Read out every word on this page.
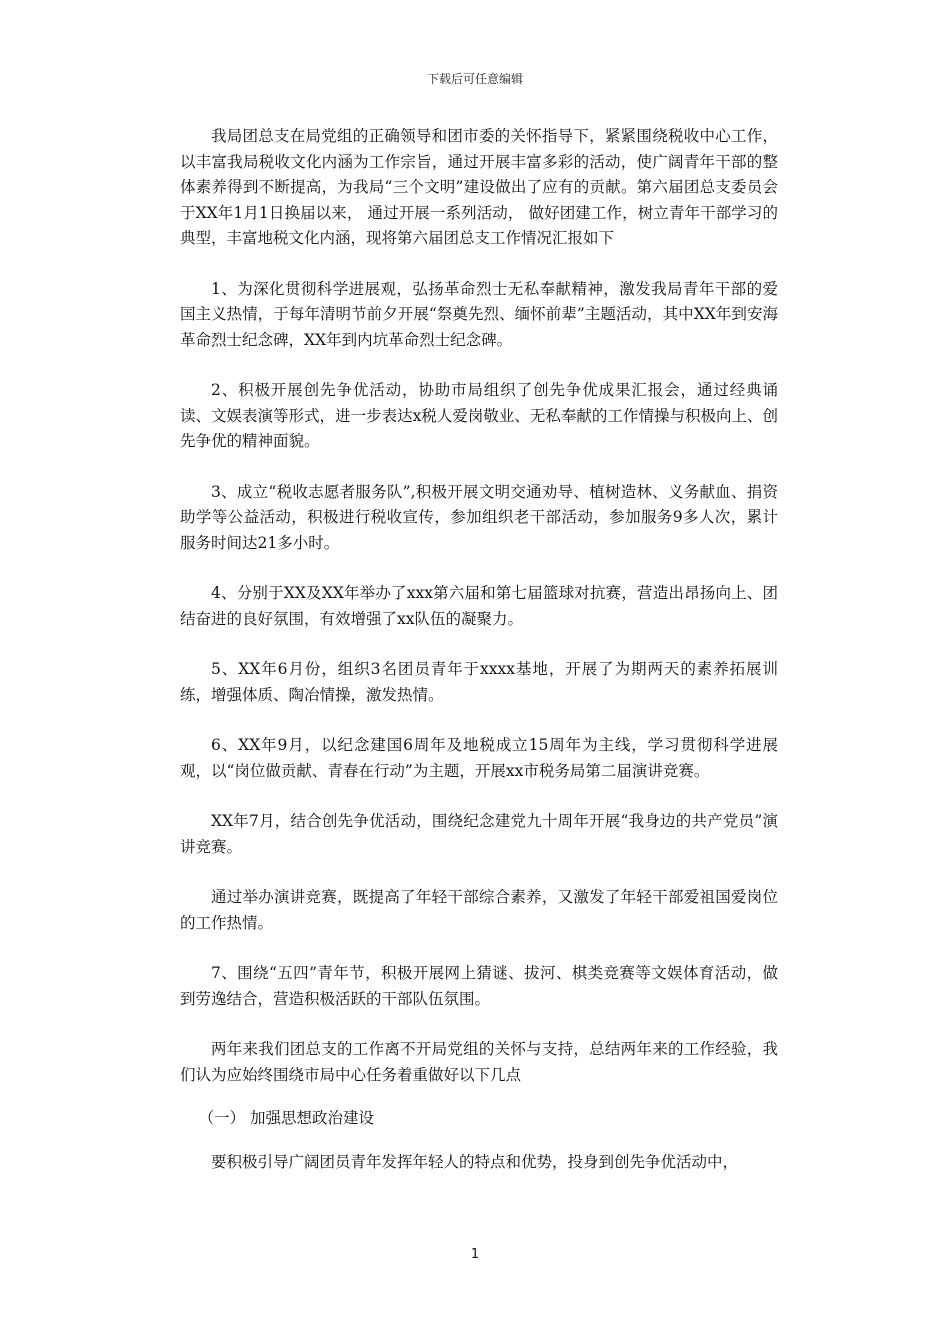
下载后可任意编辑

我局团总支在局党组的正确领导和团市委的关怀指导下，紧紧围绕税收中心工作，以丰富我局税收文化内涵为工作宗旨，通过开展丰富多彩的活动，使广阔青年干部的整体素养得到不断提高，为我局“三个文明”建设做出了应有的贡献。第六届团总支委员会于XX年1月1日换届以来， 通过开展一系列活动， 做好团建工作，树立青年干部学习的典型，丰富地税文化内涵，现将第六届团总支工作情况汇报如下

1、为深化贯彻科学进展观，弘扬革命烈士无私奉献精神，激发我局青年干部的爱国主义热情，于每年清明节前夕开展“祭奠先烈、缅怀前辈”主题活动，其中XX年到安海革命烈士纪念碑，XX年到内坑革命烈士纪念碑。

2、积极开展创先争优活动，协助市局组织了创先争优成果汇报会，通过经典诵读、文娱表演等形式，进一步表达x税人爱岗敬业、无私奉献的工作情操与积极向上、创先争优的精神面貌。

3、成立“税收志愿者服务队”,积极开展文明交通劝导、植树造林、义务献血、捐资助学等公益活动，积极进行税收宣传，参加组织老干部活动，参加服务9多人次，累计服务时间达21多小时。

4、分别于XX及XX年举办了xxx第六届和第七届篮球对抗赛，营造出昂扬向上、团结奋进的良好氛围，有效增强了xx队伍的凝聚力。

5、XX年6月份，组织3名团员青年于xxxx基地，开展了为期两天的素养拓展训练，增强体质、陶冶情操，激发热情。

6、XX年9月，以纪念建国6周年及地税成立15周年为主线，学习贯彻科学进展观，以“岗位做贡献、青春在行动”为主题，开展xx市税务局第二届演讲竞赛。

XX年7月，结合创先争优活动，围绕纪念建党九十周年开展“我身边的共产党员”演讲竞赛。

通过举办演讲竞赛，既提高了年轻干部综合素养，又激发了年轻干部爱祖国爱岗位的工作热情。

7、围绕“五四”青年节，积极开展网上猜谜、拔河、棋类竞赛等文娱体育活动，做到劳逸结合，营造积极活跃的干部队伍氛围。

两年来我们团总支的工作离不开局党组的关怀与支持，总结两年来的工作经验，我们认为应始终围绕市局中心任务着重做好以下几点

（一） 加强思想政治建设

要积极引导广阔团员青年发挥年轻人的特点和优势，投身到创先争优活动中，

1
